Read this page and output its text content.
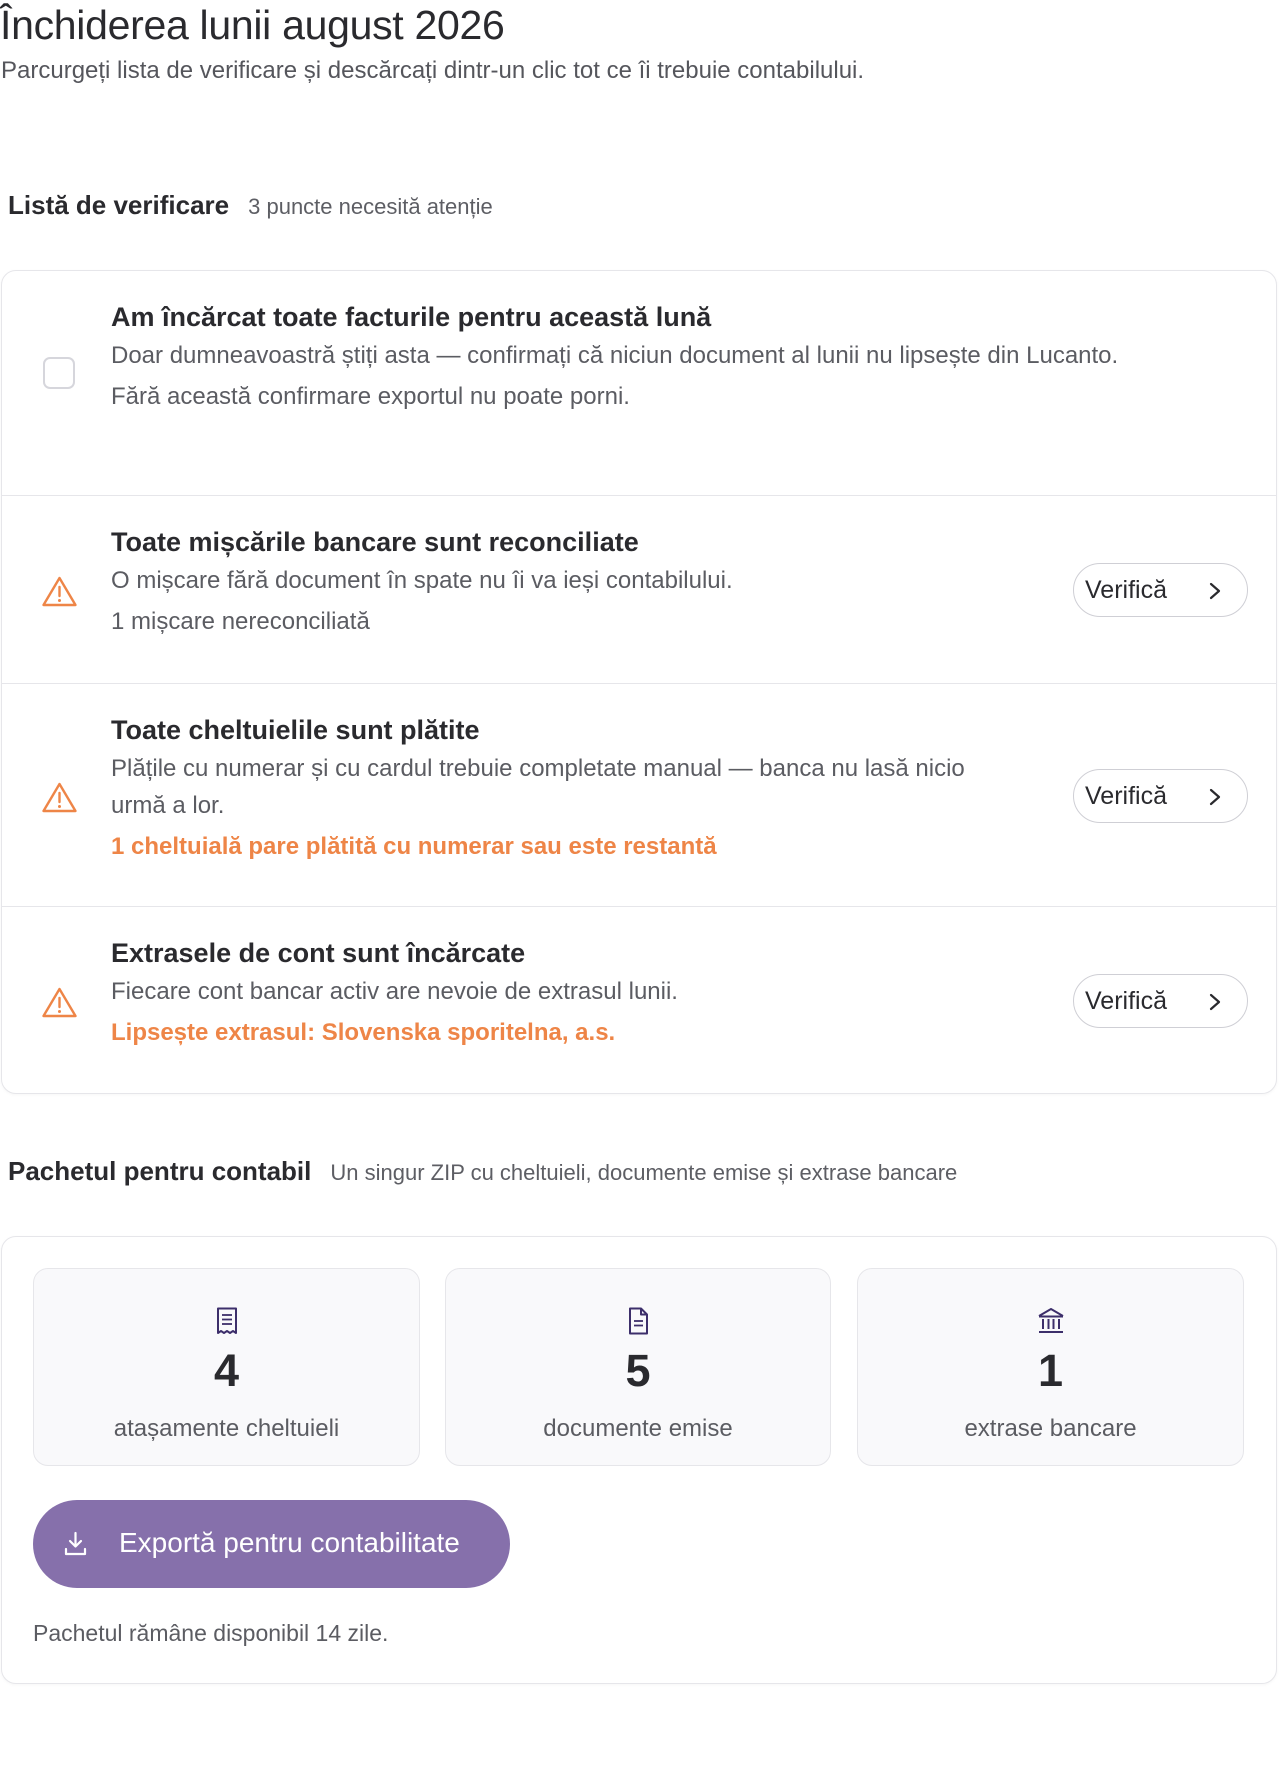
Închiderea lunii august 2026

Parcurgeți lista de verificare și descărcați dintr-un clic tot ce îi trebuie contabilului.

Listă de verificare 3 puncte necesită atenție
Am încărcat toate facturile pentru această lună
Doar dumneavoastră știți asta — confirmați că niciun document al lunii nu lipsește din Lucanto.
Fără această confirmare exportul nu poate porni.
Toate mișcările bancare sunt reconciliate
O mișcare fără document în spate nu îi va ieși contabilului.
1 mișcare nereconciliată
Verifică
Toate cheltuielile sunt plătite
Plățile cu numerar și cu cardul trebuie completate manual — banca nu lasă nicio urmă a lor.
1 cheltuială pare plătită cu numerar sau este restantă
Verifică
Extrasele de cont sunt încărcate
Fiecare cont bancar activ are nevoie de extrasul lunii.
Lipsește extrasul: Slovenska sporitelna, a.s.
Verifică
Pachetul pentru contabil Un singur ZIP cu cheltuieli, documente emise și extrase bancare
4
atașamente cheltuieli
5
documente emise
1
extrase bancare
Exportă pentru contabilitate

Pachetul rămâne disponibil 14 zile.
